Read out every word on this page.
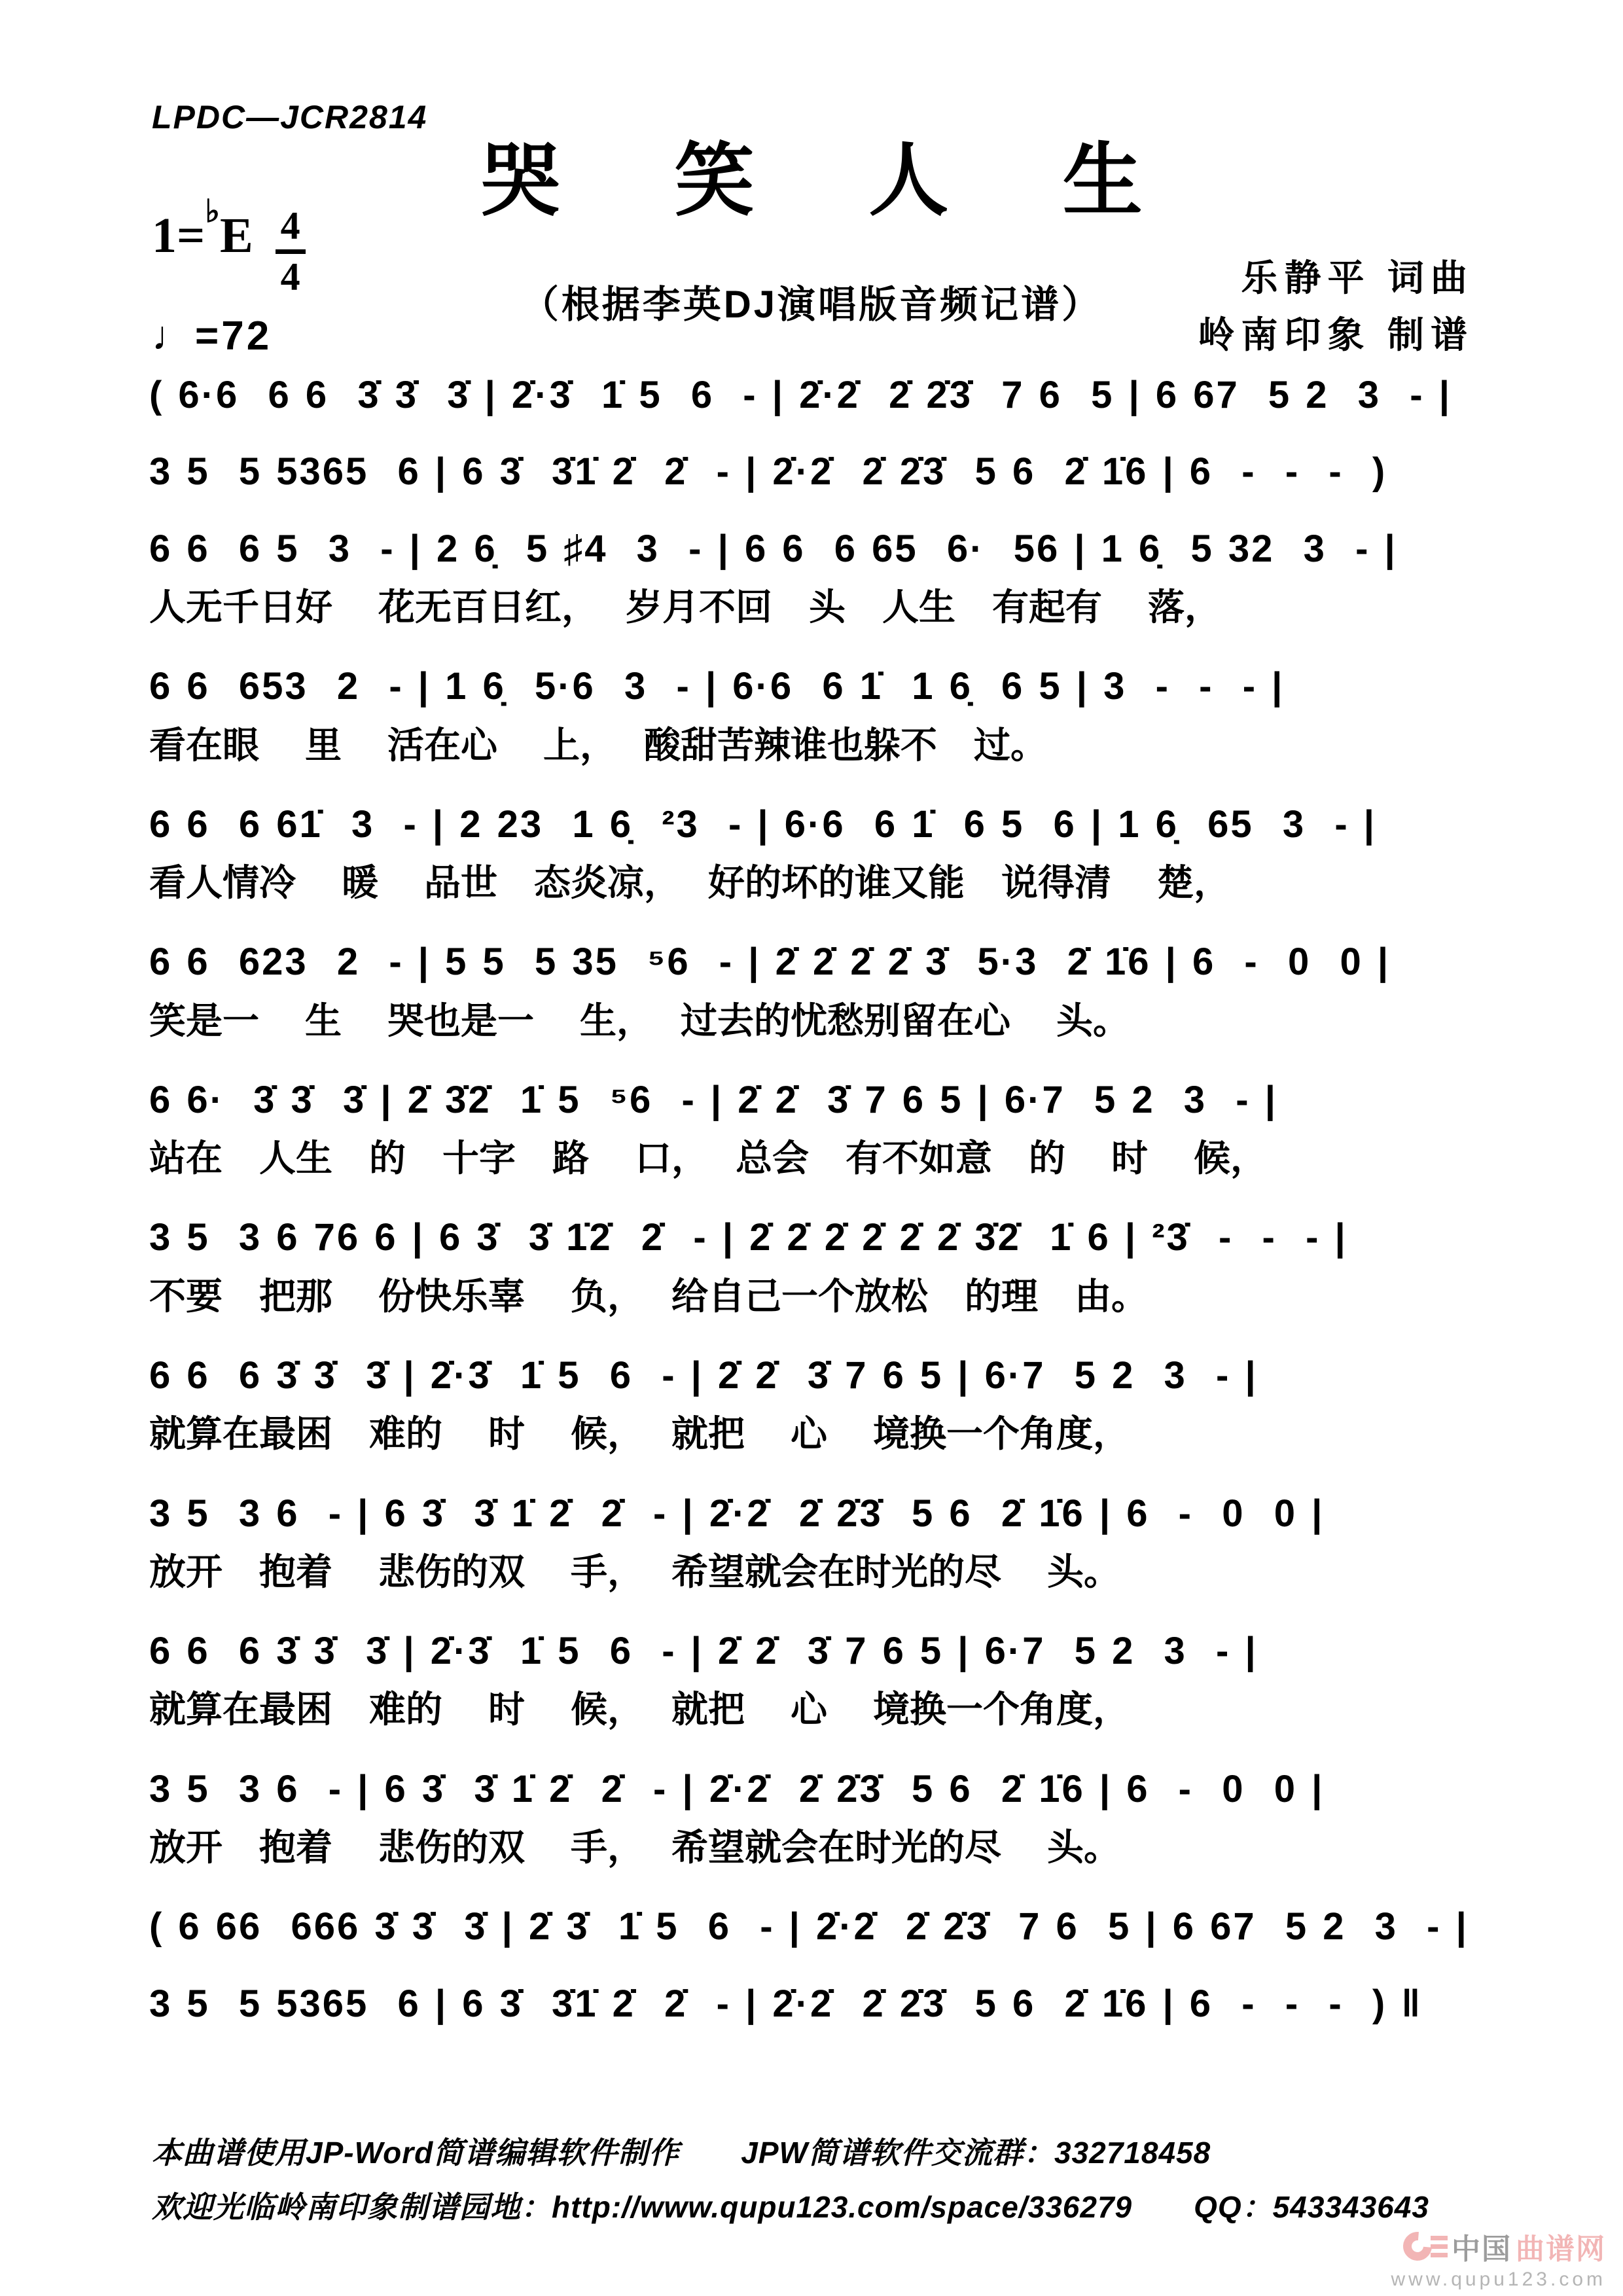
LPDC—JCR2814
哭 笑 人 生
1= ♭ E $\frac{4}{4}$
♩=72
（根据李英DJ演唱版音频记谱）
乐静平 词曲
岭南印象 制谱
( 6·6  6 6  3̇ 3̇  3̇ | 2̇·3̇  1̇ 5  6  - | 2̇·2̇  2̇ 2̇3̇  7 6  5 | 6 67  5 2  3  - |
3 5  5 5365  6 | 6 3̇  3̇1̇ 2̇  2̇  - | 2̇·2̇  2̇ 2̇3̇  5 6  2̇ 1̇6 | 6  -  -  -  )
6 6  6 5  3  - | 2 6̣  5 ♯4  3  - | 6 6  6 65  6·  56 | 1 6̣  5 32  3  - |
人无千日好　 花无百日红，　 岁月不回　头　人生　有起有　 落，
6 6  653  2  - | 1 6̣  5·6  3  - | 6·6  6 1̇  1 6̣  6 5 | 3  -  -  - |
看在眼　 里　 活在心　 上，　 酸甜苦辣谁也躲不　过。
6 6  6 61̇  3  - | 2 23  1 6̣  ²3  - | 6·6  6 1̇  6 5  6 | 1 6̣  65  3  - |
看人情冷　 暖　 品世　态炎凉，　 好的坏的谁又能　说得清　 楚，
6 6  623  2  - | 5 5  5 35  ⁵6  - | 2̇ 2̇ 2̇ 2̇ 3̇  5·3  2̇ 1̇6 | 6  -  0  0 |
笑是一　 生　 哭也是一　 生，　 过去的忧愁别留在心　 头。
6 6·  3̇ 3̇  3̇ | 2̇ 3̇2̇  1̇ 5  ⁵6  - | 2̇ 2̇  3̇ 7 6 5 | 6·7  5 2  3  - |
站在　人生　的　十字　路　 口，　 总会　有不如意　的　 时　 候，
3 5  3 6 76 6 | 6 3̇  3̇ 1̇2̇  2̇  - | 2̇ 2̇ 2̇ 2̇ 2̇ 2̇ 3̇2̇  1̇ 6 | ²3̇  -  -  - |
不要　把那　 份快乐辜　 负，　 给自己一个放松　的理　由。
6 6  6 3̇ 3̇  3̇ | 2̇·3̇  1̇ 5  6  - | 2̇ 2̇  3̇ 7 6 5 | 6·7  5 2  3  - |
就算在最困　难的　 时　 候，　 就把　 心　 境换一个角度，
3 5  3 6  - | 6 3̇  3̇ 1̇ 2̇  2̇  - | 2̇·2̇  2̇ 2̇3̇  5 6  2̇ 1̇6 | 6  -  0  0 |
放开　抱着　 悲伤的双　 手，　 希望就会在时光的尽　 头。
6 6  6 3̇ 3̇  3̇ | 2̇·3̇  1̇ 5  6  - | 2̇ 2̇  3̇ 7 6 5 | 6·7  5 2  3  - |
就算在最困　难的　 时　 候，　 就把　 心　 境换一个角度，
3 5  3 6  - | 6 3̇  3̇ 1̇ 2̇  2̇  - | 2̇·2̇  2̇ 2̇3̇  5 6  2̇ 1̇6 | 6  -  0  0 |
放开　抱着　 悲伤的双　 手，　 希望就会在时光的尽　 头。
( 6 66  666 3̇ 3̇  3̇ | 2̇ 3̇  1̇ 5  6  - | 2̇·2̇  2̇ 2̇3̇  7 6  5 | 6 67  5 2  3  - |
3 5  5 5365  6 | 6 3̇  3̇1̇ 2̇  2̇  - | 2̇·2̇  2̇ 2̇3̇  5 6  2̇ 1̇6 | 6  -  -  -  ) ‖
本曲谱使用JP-Word简谱编辑软件制作　　JPW简谱软件交流群：332718458
欢迎光临岭南印象制谱园地：http://www.qupu123.com/space/336279　　QQ：543343643
中国 曲谱网
www.qupu123.com
